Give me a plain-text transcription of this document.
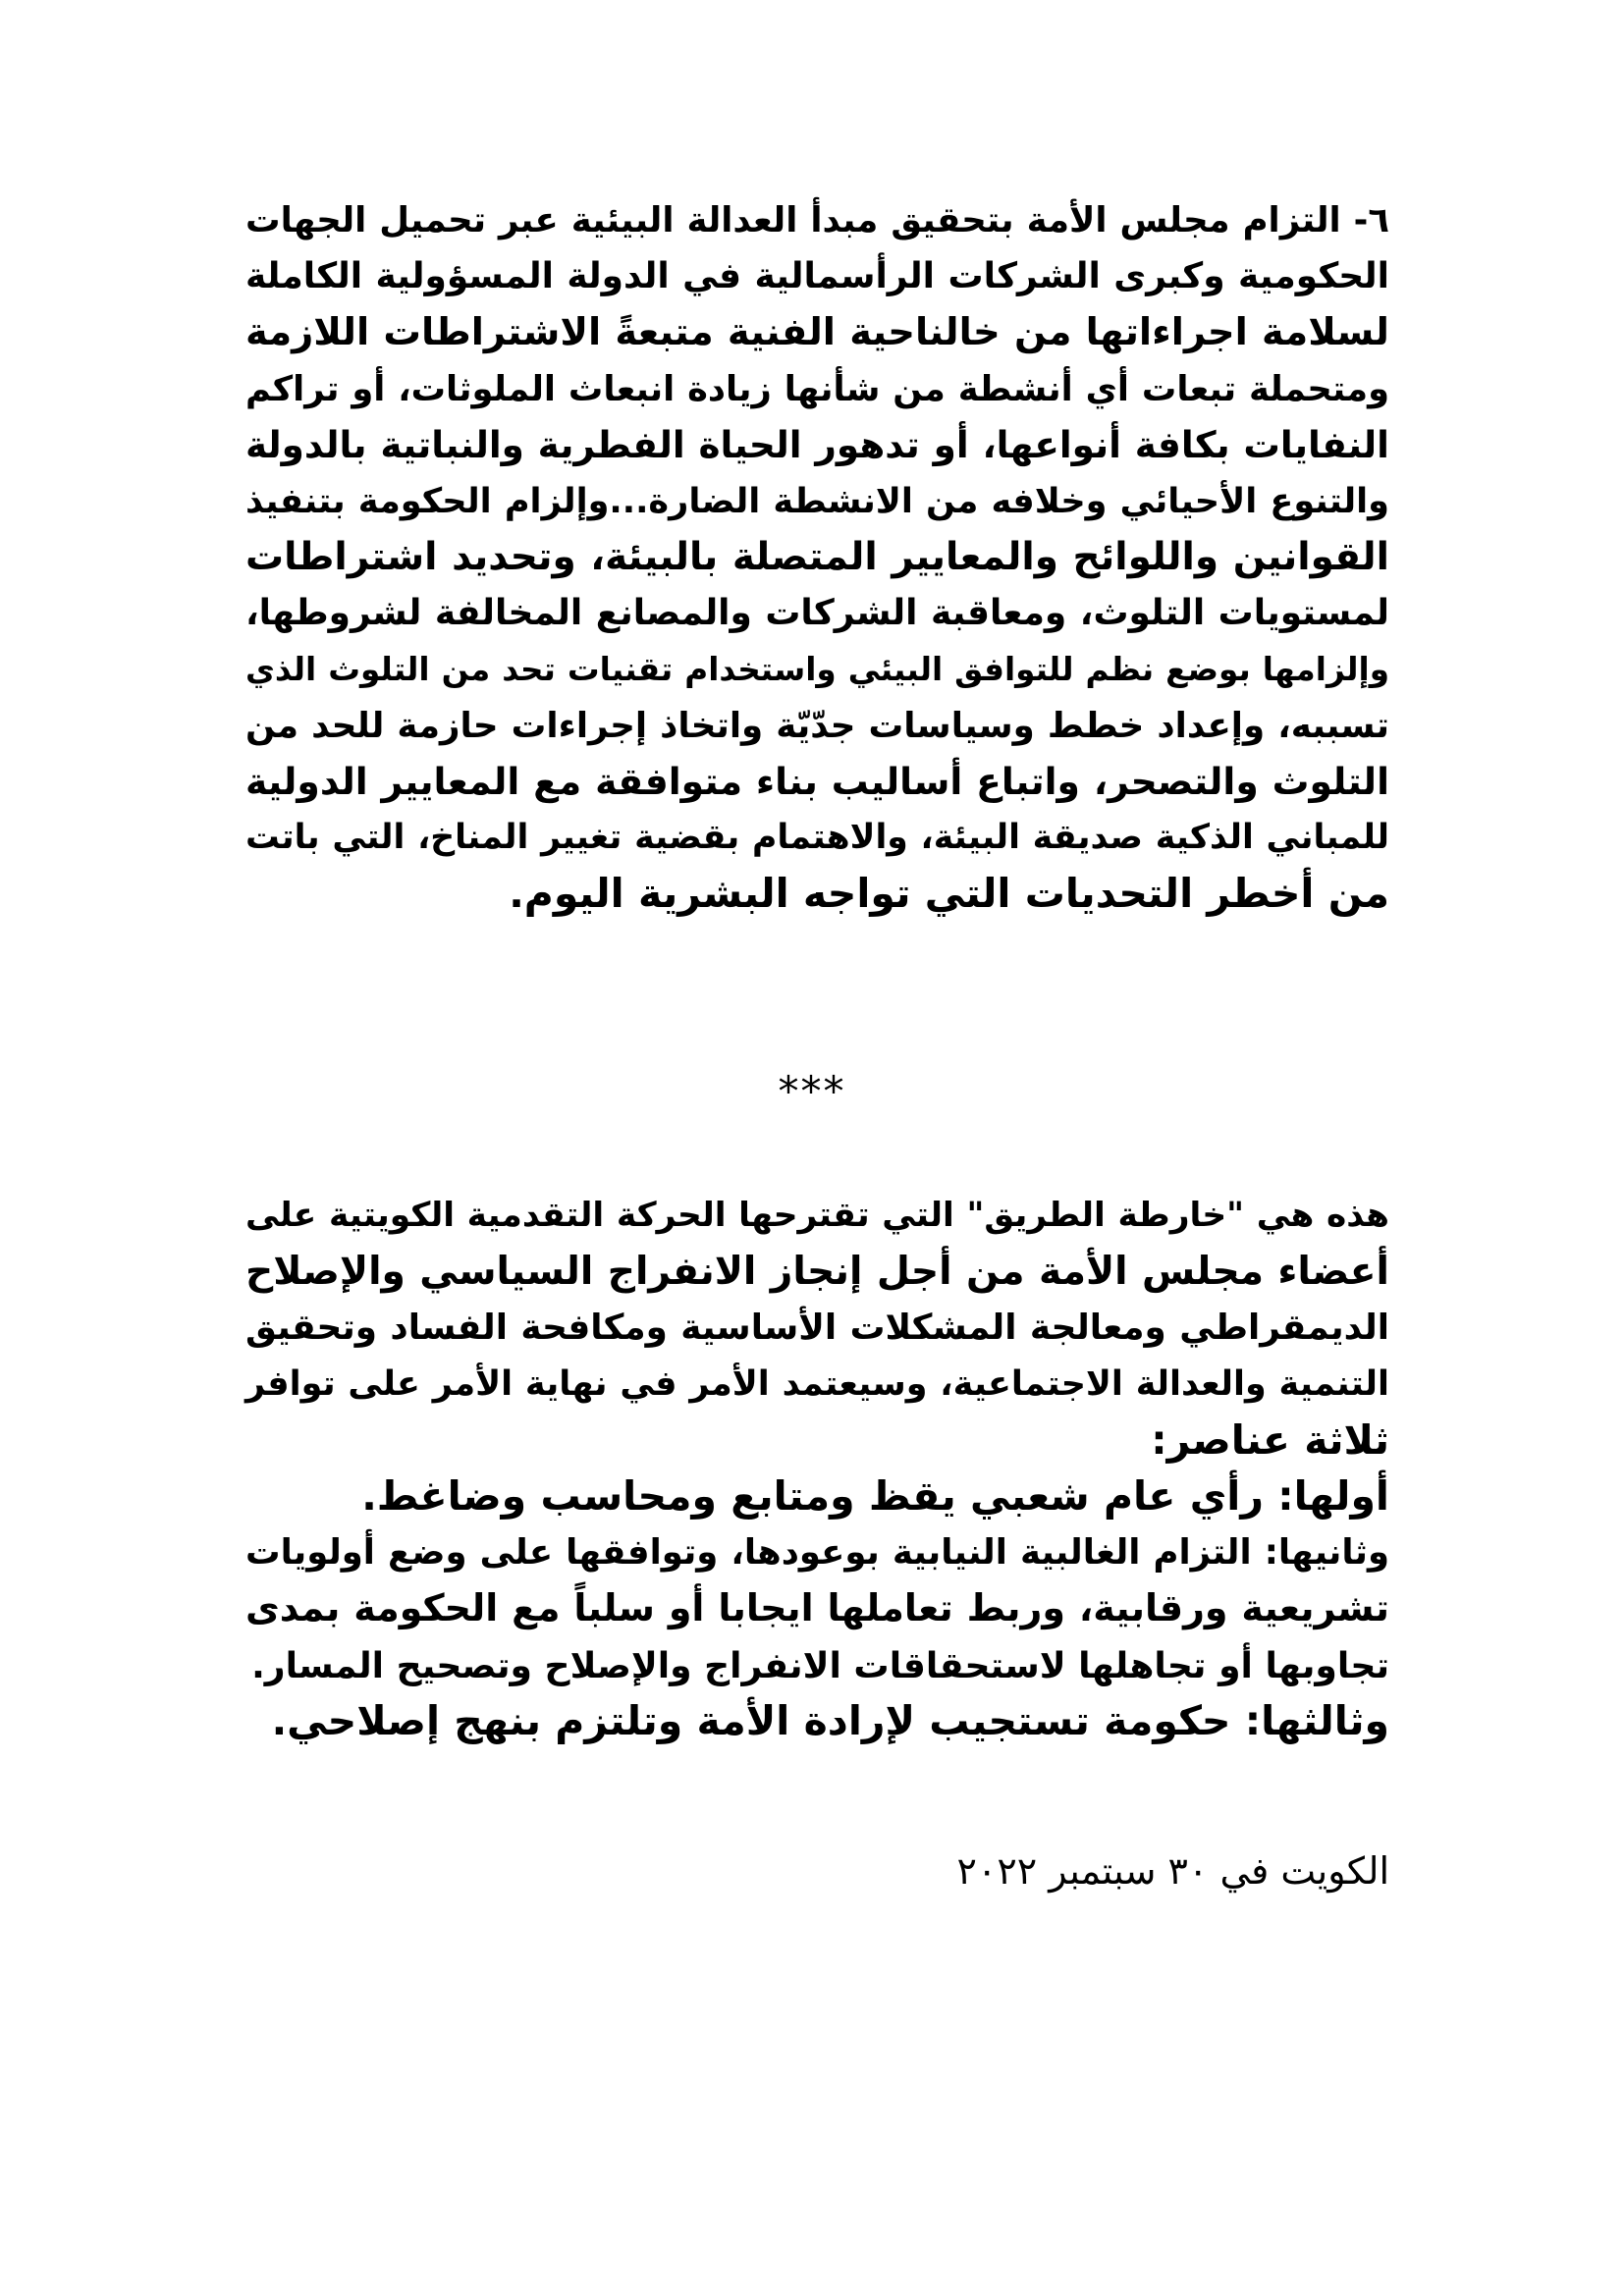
٦- التزام مجلس الأمة بتحقيق مبدأ العدالة البيئية عبر تحميل الجهات
الحكومية وكبرى الشركات الرأسمالية في الدولة المسؤولية الكاملة
لسلامة اجراءاتها من خالناحية الفنية متبعةً الاشتراطات اللازمة
ومتحملة تبعات أي أنشطة من شأنها زيادة انبعاث الملوثات، أو تراكم
النفايات بكافة أنواعها، أو تدهور الحياة الفطرية والنباتية بالدولة
والتنوع الأحيائي وخلافه من الانشطة الضارة...وإلزام الحكومة بتنفيذ
القوانين واللوائح والمعايير المتصلة بالبيئة، وتحديد اشتراطات
لمستويات التلوث، ومعاقبة الشركات والمصانع المخالفة لشروطها،
وإلزامها بوضع نظم للتوافق البيئي واستخدام تقنيات تحد من التلوث الذي
تسببه، وإعداد خطط وسياسات جدّيّة واتخاذ إجراءات حازمة للحد من
التلوث والتصحر، واتباع أساليب بناء متوافقة مع المعايير الدولية
للمباني الذكية صديقة البيئة، والاهتمام بقضية تغيير المناخ، التي باتت
من أخطر التحديات التي تواجه البشرية اليوم.
***
هذه هي "خارطة الطريق" التي تقترحها الحركة التقدمية الكويتية على
أعضاء مجلس الأمة من أجل إنجاز الانفراج السياسي والإصلاح
الديمقراطي ومعالجة المشكلات الأساسية ومكافحة الفساد وتحقيق
التنمية والعدالة الاجتماعية، وسيعتمد الأمر في نهاية الأمر على توافر
ثلاثة عناصر:
أولها: رأي عام شعبي يقظ ومتابع ومحاسب وضاغط.
وثانيها: التزام الغالبية النيابية بوعودها، وتوافقها على وضع أولويات
تشريعية ورقابية، وربط تعاملها ايجابا أو سلباً مع الحكومة بمدى
تجاوبها أو تجاهلها لاستحقاقات الانفراج والإصلاح وتصحيح المسار.
وثالثها: حكومة تستجيب لإرادة الأمة وتلتزم بنهج إصلاحي.
الكويت في ٣٠ سبتمبر ٢٠٢٢
